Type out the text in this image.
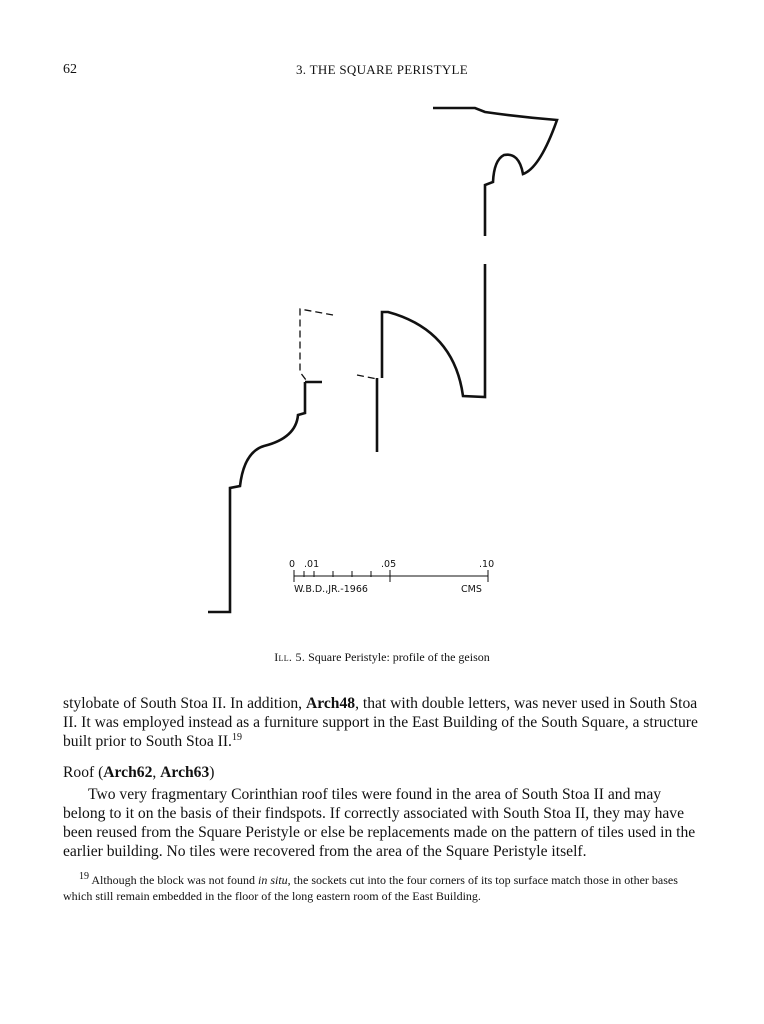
62	3. THE SQUARE PERISTYLE
0 .01	.05	.10
W.B.D.,JR.-1966	CMS
Ill. 5. Square Peristyle: profile of the geison
stylobate of South Stoa II. In addition, Arch48, that with double letters, was never used in South Stoa II. It was employed instead as a furniture support in the East Building of the South Square, a structure built prior to South Stoa II.$^{19}$
Roof (Arch62, Arch63)
Two very fragmentary Corinthian roof tiles were found in the area of South Stoa II and may belong to it on the basis of their findspots. If correctly associated with South Stoa II, they may have been reused from the Square Peristyle or else be replacements made on the pattern of tiles used in the earlier building. No tiles were recovered from the area of the Square Peristyle itself.
$^{19}$ Although the block was not found in situ, the sockets cut into the four corners of its top surface match those in other bases which still remain embedded in the floor of the long eastern room of the East Building.
